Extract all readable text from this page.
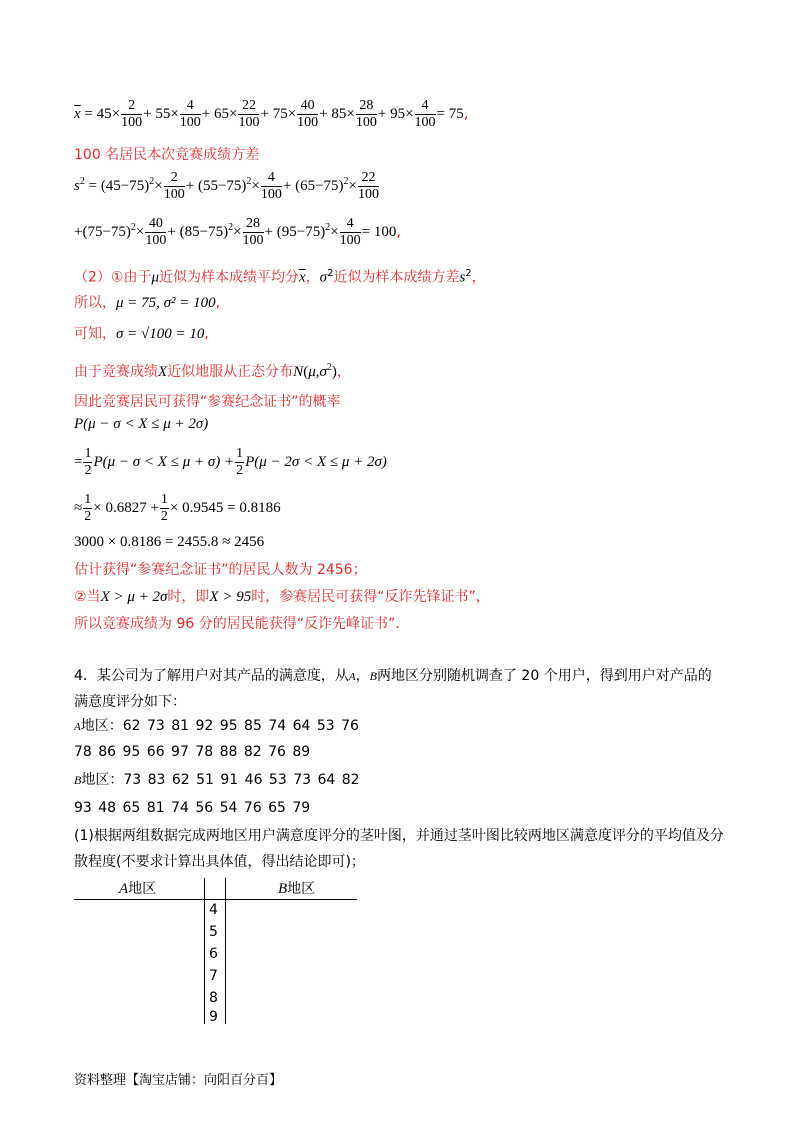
$\overline{x} = 45\times \frac{2}{100} + 55\times \frac{4}{100} + 65\times \frac{22}{100} + 75\times \frac{40}{100} + 85\times \frac{28}{100} + 95\times \frac{4}{100} = 75$,
100 名居民本次竞赛成绩方差
$s^2 = (45-75)^2\times \frac{2}{100} + (55-75)^2\times \frac{4}{100} + (65-75)^2\times \frac{22}{100}$
$+(75-75)^2\times \frac{40}{100} + (85-75)^2\times \frac{28}{100} + (95-75)^2\times \frac{4}{100} = 100$,
（2）①由于μ近似为样本成绩平均分$\overline{x}$，$\sigma^2$近似为样本成绩方差$s^2$，
所以，μ = 75, σ² = 100,
可知，σ = √100 = 10,
由于竞赛成绩X近似地服从正态分布$N(\mu,\sigma^2)$，
因此竞赛居民可获得“参赛纪念证书”的概率
P(μ − σ < X ≤ μ + 2σ)
= $\frac{1}{2} P(\mu - \sigma < X \le \mu + \sigma) + \frac{1}{2} P(\mu - 2\sigma < X \le \mu + 2\sigma)$
≈ $\frac{1}{2} \times 0.6827 + \frac{1}{2} \times 0.9545 = 0.8186$
3000 × 0.8186 = 2455.8 ≈ 2456
估计获得“参赛纪念证书”的居民人数为 2456；
②当X > μ + 2σ时，即X > 95时，参赛居民可获得“反诈先锋证书”，
所以竞赛成绩为 96 分的居民能获得“反诈先峰证书”.
4．某公司为了解用户对其产品的满意度，从A，B两地区分别随机调查了 20 个用户，得到用户对产品的
满意度评分如下：
A地区：62 73 81 92 95 85 74 64 53 76
78 86 95 66 97 78 88 82 76 89
B地区：73 83 62 51 91 46 53 73 64 82
93 48 65 81 74 56 54 76 65 79
(1)根据两组数据完成两地区用户满意度评分的茎叶图，并通过茎叶图比较两地区满意度评分的平均值及分
散程度(不要求计算出具体值，得出结论即可)；
A地区	B地区
4
5
6
7
8
9
资料整理【淘宝店铺：向阳百分百】
